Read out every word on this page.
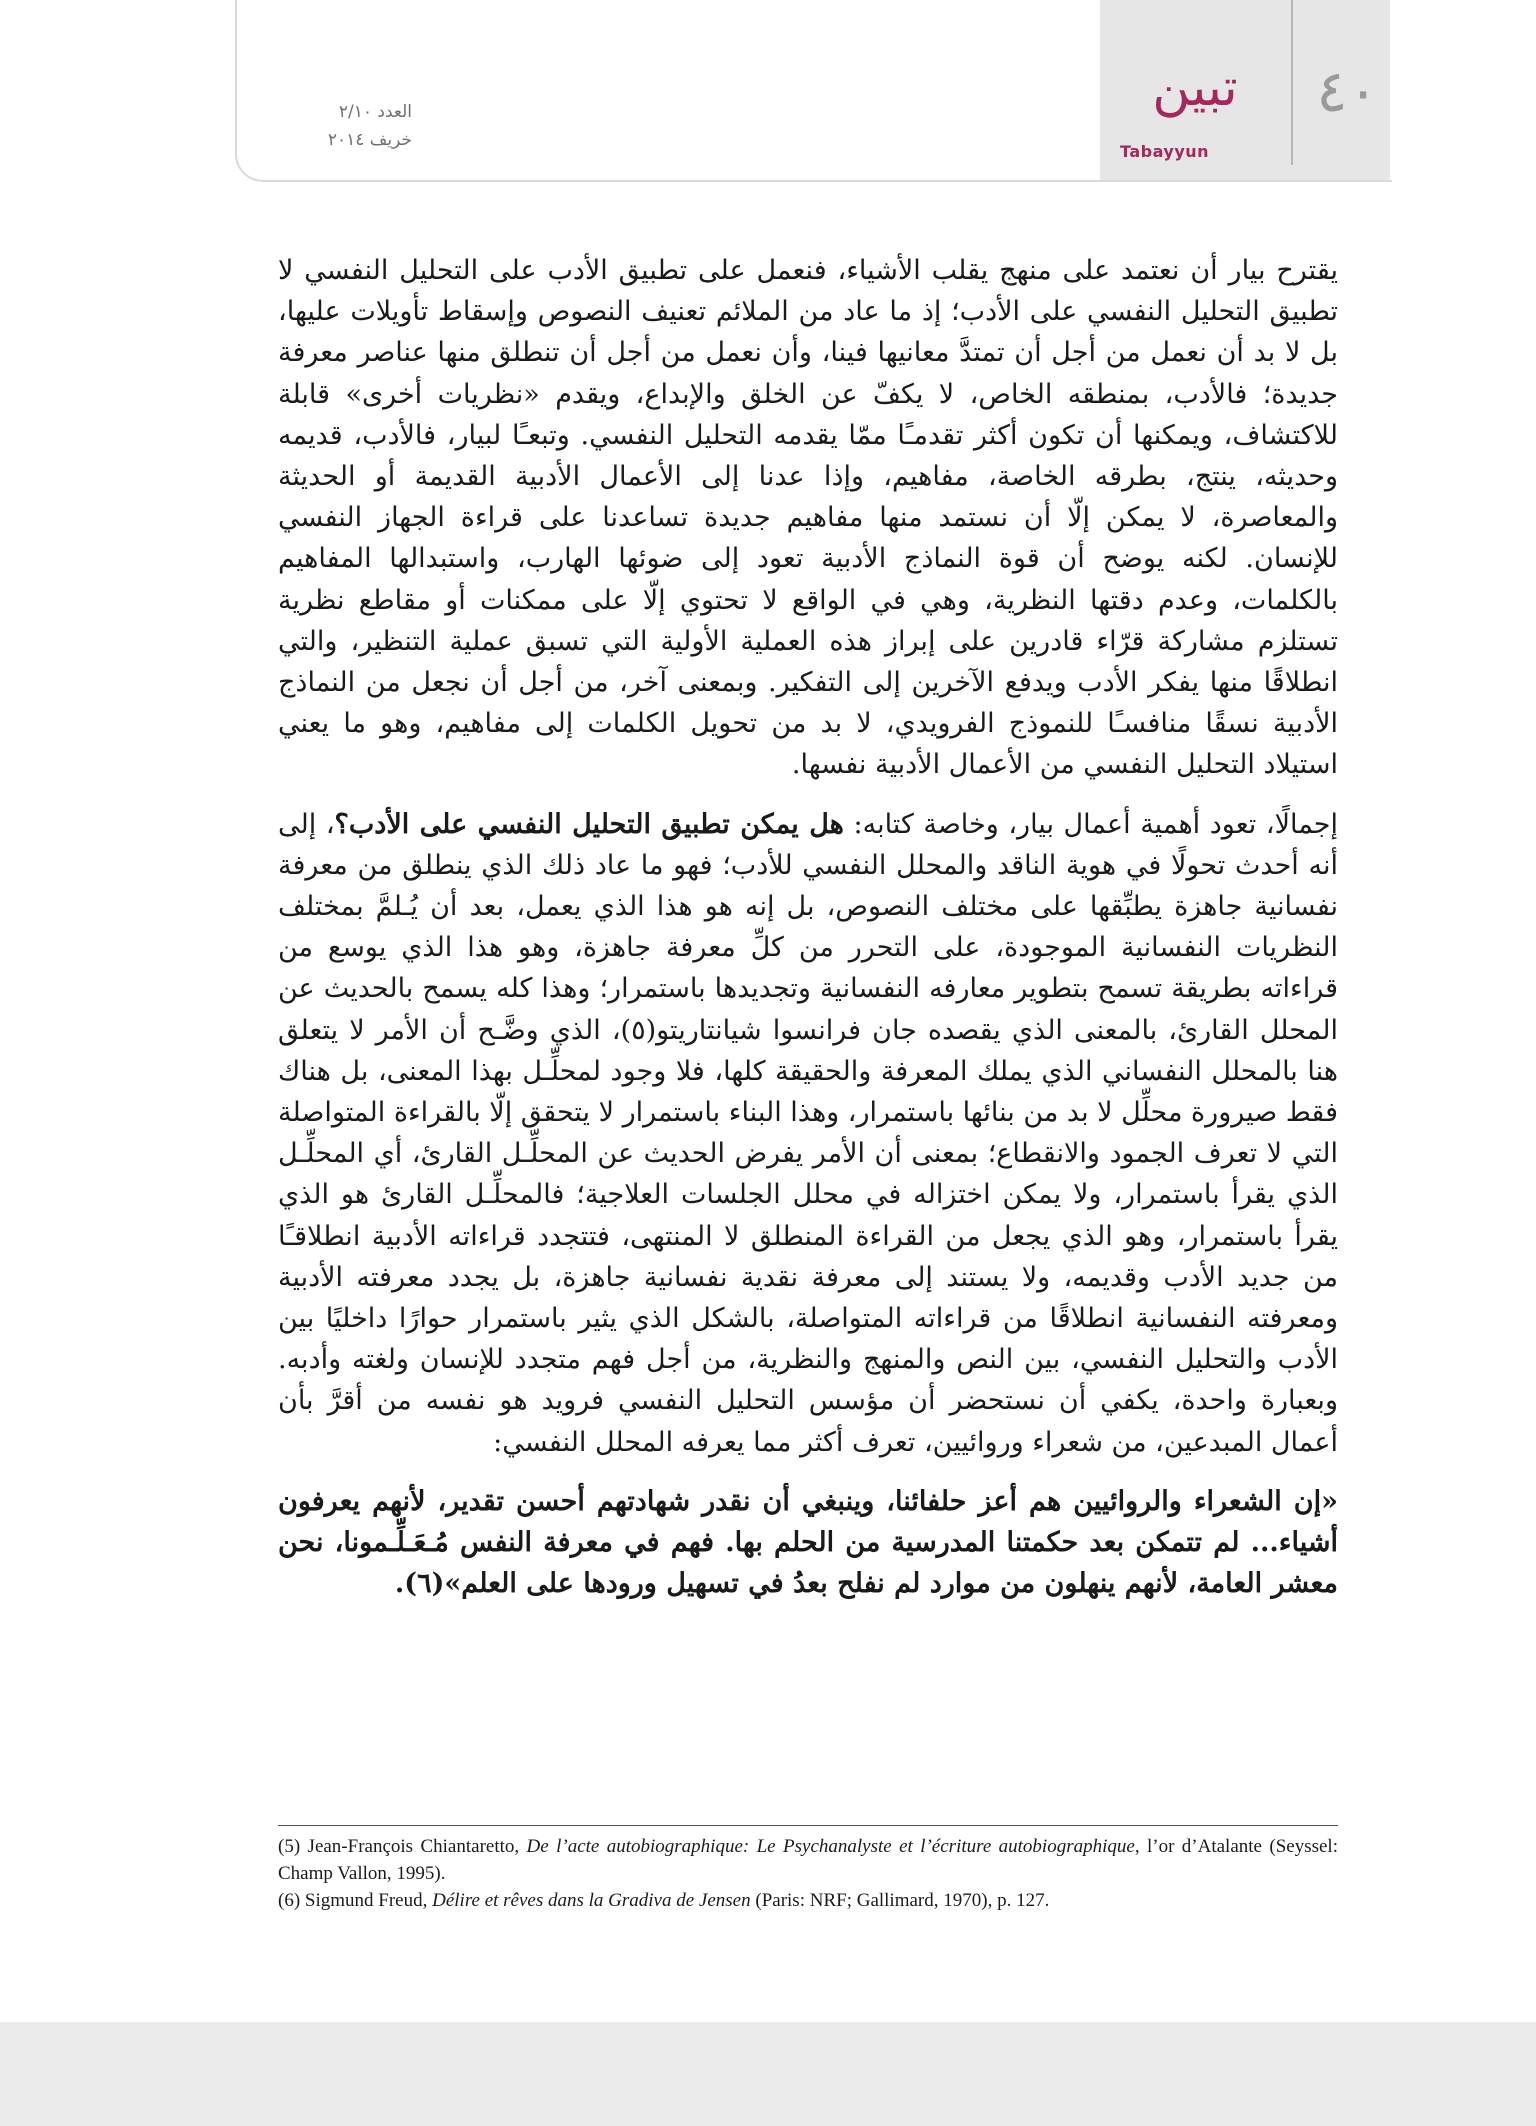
٤٠
تبين
Tabayyun
العدد ٢/١٠
خريف ٢٠١٤

يقترح بيار أن نعتمد على منهج يقلب الأشياء، فنعمل على تطبيق الأدب على التحليل النفسي لا تطبيق التحليل النفسي على الأدب؛ إذ ما عاد من الملائم تعنيف النصوص وإسقاط تأويلات عليها، بل لا بد أن نعمل من أجل أن تمتدَّ معانيها فينا، وأن نعمل من أجل أن تنطلق منها عناصر معرفة جديدة؛ فالأدب، بمنطقه الخاص، لا يكفّ عن الخلق والإبداع، ويقدم «نظريات أخرى» قابلة للاكتشاف، ويمكنها أن تكون أكثر تقدمـًا ممّا يقدمه التحليل النفسي. وتبعـًا لبيار، فالأدب، قديمه وحديثه، ينتج، بطرقه الخاصة، مفاهيم، وإذا عدنا إلى الأعمال الأدبية القديمة أو الحديثة والمعاصرة، لا يمكن إلّا أن نستمد منها مفاهيم جديدة تساعدنا على قراءة الجهاز النفسي للإنسان. لكنه يوضح أن قوة النماذج الأدبية تعود إلى ضوئها الهارب، واستبدالها المفاهيم بالكلمات، وعدم دقتها النظرية، وهي في الواقع لا تحتوي إلّا على ممكنات أو مقاطع نظرية تستلزم مشاركة قرّاء قادرين على إبراز هذه العملية الأولية التي تسبق عملية التنظير، والتي انطلاقًا منها يفكر الأدب ويدفع الآخرين إلى التفكير. وبمعنى آخر، من أجل أن نجعل من النماذج الأدبية نسقًا منافسـًا للنموذج الفرويدي، لا بد من تحويل الكلمات إلى مفاهيم، وهو ما يعني استيلاد التحليل النفسي من الأعمال الأدبية نفسها.

إجمالًا، تعود أهمية أعمال بيار، وخاصة كتابه: هل يمكن تطبيق التحليل النفسي على الأدب؟، إلى أنه أحدث تحولًا في هوية الناقد والمحلل النفسي للأدب؛ فهو ما عاد ذلك الذي ينطلق من معرفة نفسانية جاهزة يطبِّقها على مختلف النصوص، بل إنه هو هذا الذي يعمل، بعد أن يُـلمَّ بمختلف النظريات النفسانية الموجودة، على التحرر من كلِّ معرفة جاهزة، وهو هذا الذي يوسع من قراءاته بطريقة تسمح بتطوير معارفه النفسانية وتجديدها باستمرار؛ وهذا كله يسمح بالحديث عن المحلل القارئ، بالمعنى الذي يقصده جان فرانسوا شيانتاريتو(٥)، الذي وضَّـح أن الأمر لا يتعلق هنا بالمحلل النفساني الذي يملك المعرفة والحقيقة كلها، فلا وجود لمحلِّـل بهذا المعنى، بل هناك فقط صيرورة محلِّل لا بد من بنائها باستمرار، وهذا البناء باستمرار لا يتحقق إلّا بالقراءة المتواصلة التي لا تعرف الجمود والانقطاع؛ بمعنى أن الأمر يفرض الحديث عن المحلِّـل القارئ، أي المحلِّـل الذي يقرأ باستمرار، ولا يمكن اختزاله في محلل الجلسات العلاجية؛ فالمحلِّـل القارئ هو الذي يقرأ باستمرار، وهو الذي يجعل من القراءة المنطلق لا المنتهى، فتتجدد قراءاته الأدبية انطلاقـًا من جديد الأدب وقديمه، ولا يستند إلى معرفة نقدية نفسانية جاهزة، بل يجدد معرفته الأدبية ومعرفته النفسانية انطلاقًا من قراءاته المتواصلة، بالشكل الذي يثير باستمرار حوارًا داخليًا بين الأدب والتحليل النفسي، بين النص والمنهج والنظرية، من أجل فهم متجدد للإنسان ولغته وأدبه. وبعبارة واحدة، يكفي أن نستحضر أن مؤسس التحليل النفسي فرويد هو نفسه من أقرَّ بأن أعمال المبدعين، من شعراء وروائيين، تعرف أكثر مما يعرفه المحلل النفسي:

«إن الشعراء والروائيين هم أعز حلفائنا، وينبغي أن نقدر شهادتهم أحسن تقدير، لأنهم يعرفون أشياء... لم تتمكن بعد حكمتنا المدرسية من الحلم بها. فهم في معرفة النفس مُـعَـلِّـمونا، نحن معشر العامة، لأنهم ينهلون من موارد لم نفلح بعدُ في تسهيل ورودها على العلم»(٦).

(5) Jean-François Chiantaretto, De l’acte autobiographique: Le Psychanalyste et l’écriture autobiographique, l’or d’Atalante (Seyssel: Champ Vallon, 1995).

(6) Sigmund Freud, Délire et rêves dans la Gradiva de Jensen (Paris: NRF; Gallimard, 1970), p. 127.
